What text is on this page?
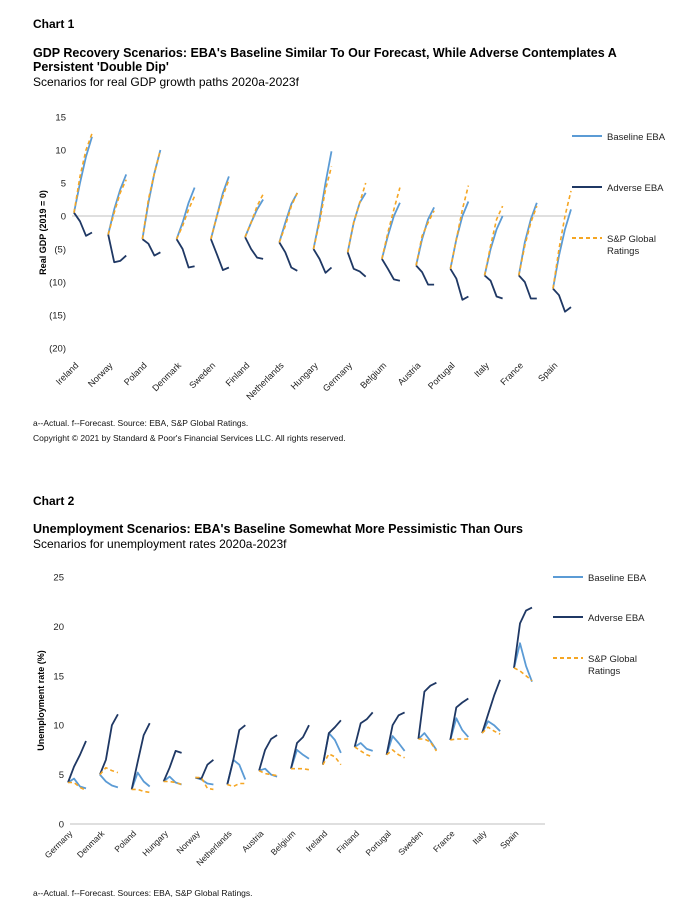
Chart 1
GDP Recovery Scenarios: EBA's Baseline Similar To Our Forecast, While Adverse Contemplates A Persistent 'Double Dip'
Scenarios for real GDP growth paths 2020a-2023f
15
10
5
0
(5)
(10)
(15)
(20)
Real GDP (2019 = 0)
Ireland Norway Poland Denmark Sweden Finland
Netherlands Hungary Germany Belgium Austria Portugal Italy France Spain
Baseline EBA
Adverse EBA
S&P Global
Ratings
a--Actual. f--Forecast. Source: EBA, S&P Global Ratings.
Copyright © 2021 by Standard & Poor's Financial Services LLC. All rights reserved.
Chart 2
Unemployment Scenarios: EBA's Baseline Somewhat More Pessimistic Than Ours
Scenarios for unemployment rates 2020a-2023f
0
5
10
15
20
25
Unemployment rate (%)
Germany Denmark Poland Hungary Norway
Netherlands Austria Belgium Ireland Finland Portugal Sweden France Italy Spain
Baseline EBA
Adverse EBA
S&P Global
Ratings
a--Actual. f--Forecast. Sources: EBA, S&P Global Ratings.
